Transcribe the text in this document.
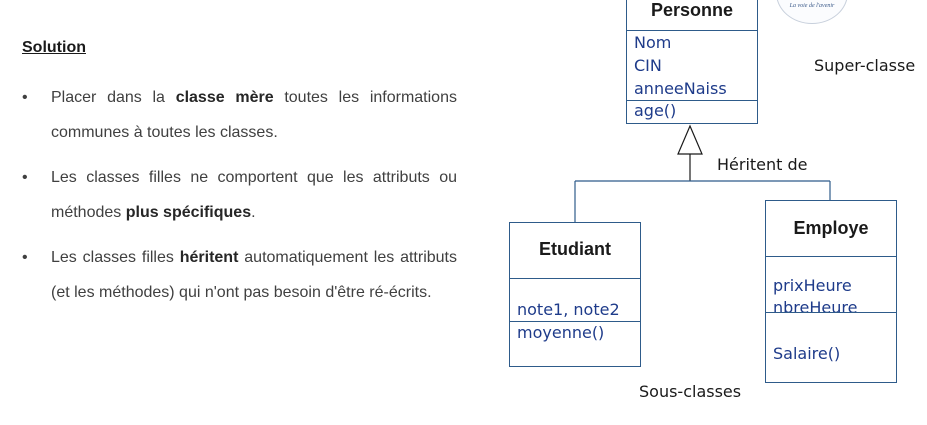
Solution
• Placer dans la classe mère toutes les informations communes à toutes les classes.
• Les classes filles ne comportent que les attributs ou méthodes plus spécifiques.
• Les classes filles héritent automatiquement les attributs (et les méthodes) qui n'ont pas besoin d'être ré-écrits.
La voie de l'avenir
Personne
Nom
CIN
anneeNaiss
age()
Super-classe
Héritent de
Etudiant
note1, note2
moyenne()
Employe
prixHeure
nbreHeure
Salaire()
Sous-classes
